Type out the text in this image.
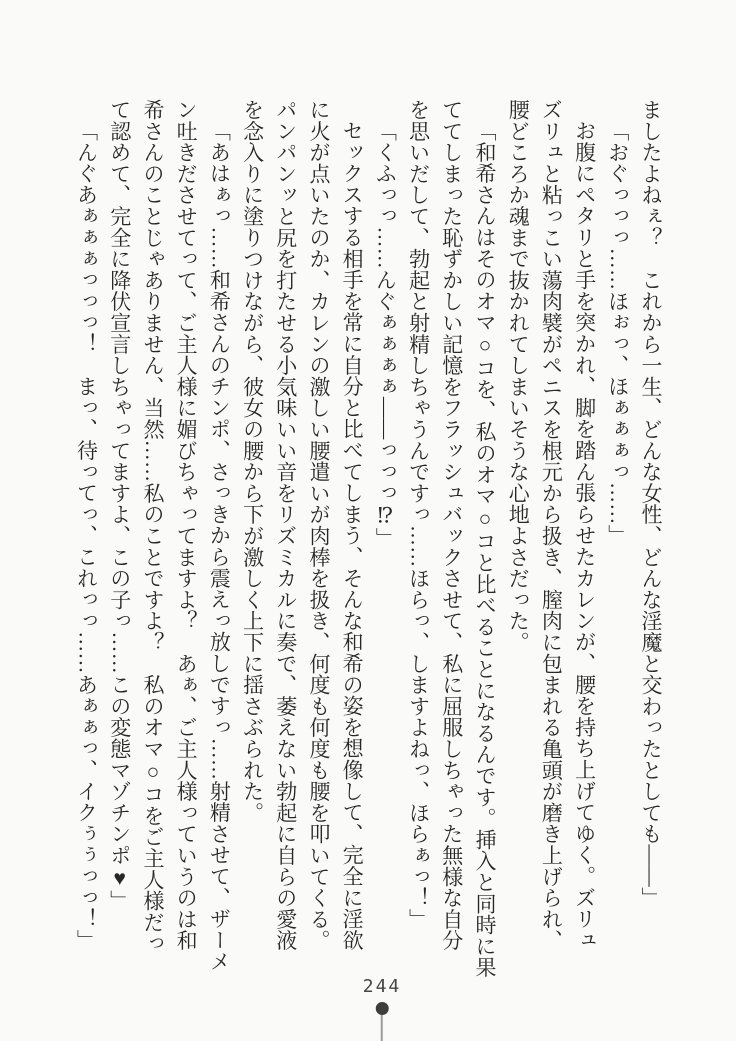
ましたよねぇ？　これから一生、どんな女性、どんな淫魔と交わったとしても――」

「おぐっっっ……ほぉっ、ほぁぁぁっ……」

お腹にペタリと手を突かれ、脚を踏ん張らせたカレンが、腰を持ち上げてゆく。ズリュ

ズリュと粘っこい蕩肉襞がペニスを根元から扱き、膣肉に包まれる亀頭が磨き上げられ、

腰どころか魂まで抜かれてしまいそうな心地よさだった。

「和希さんはそのオマ○コを、私のオマ○コと比べることになるんです。挿入と同時に果

ててしまった恥ずかしい記憶をフラッシュバックさせて、私に屈服しちゃった無様な自分

を思いだして、勃起と射精しちゃうんですっ……ほらっ、しますよねっ、ほらぁっ！」

「くふっっ……んぐぁぁぁぁ――っっっ⁉」

セックスする相手を常に自分と比べてしまう、そんな和希の姿を想像して、完全に淫欲

に火が点いたのか、カレンの激しい腰遣いが肉棒を扱き、何度も何度も腰を叩いてくる。

パンパンッと尻を打たせる小気味いい音をリズミカルに奏で、萎えない勃起に自らの愛液

を念入りに塗りつけながら、彼女の腰から下が激しく上下に揺さぶられた。

「あはぁっ……和希さんのチンポ、さっきから震えっ放しですっ……射精させて、ザーメ

ン吐きださせてって、ご主人様に媚びちゃってますよ？　あぁ、ご主人様っていうのは和

希さんのことじゃありません、当然……私のことですよ？　私のオマ○コをご主人様だっ

て認めて、完全に降伏宣言しちゃってますよ、この子っ……この変態マゾチンポ♥」

「んぐあぁぁぁっっっ！　まっ、待ってっ、これっっ……あぁぁっ、イクぅぅっっ！」

244
